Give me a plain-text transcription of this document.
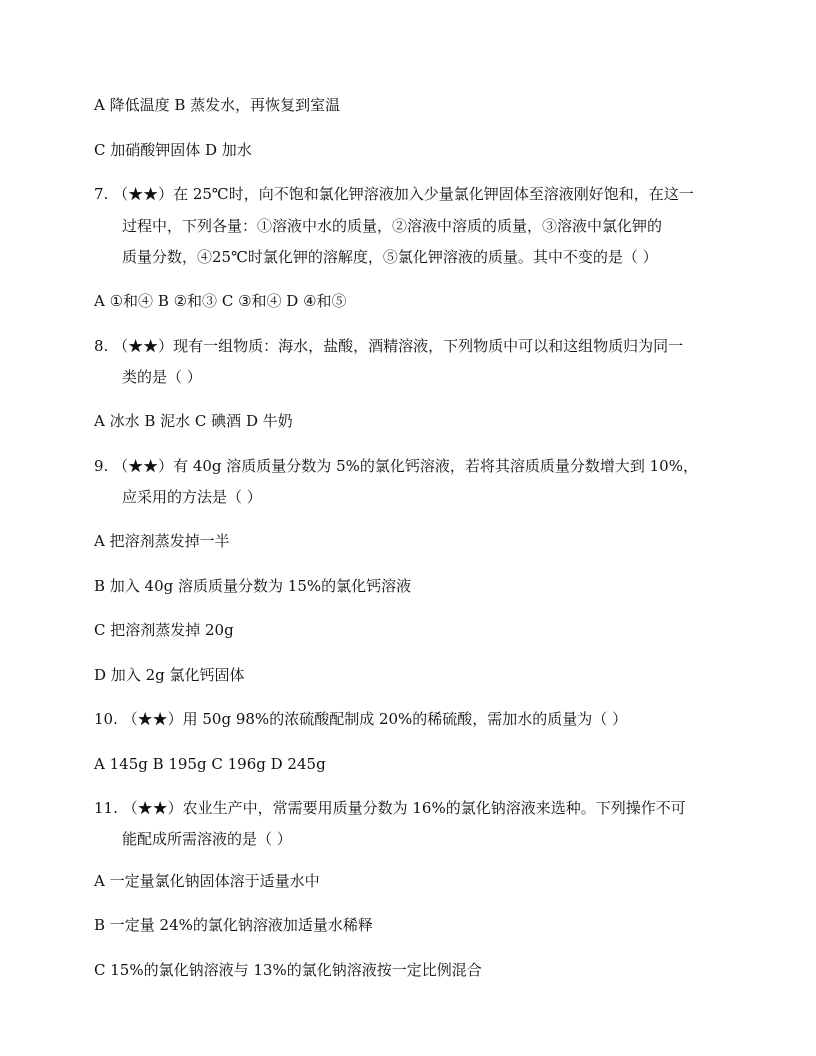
A 降低温度 B 蒸发水，再恢复到室温
C 加硝酸钾固体 D 加水
7. （★★）在 25℃时，向不饱和氯化钾溶液加入少量氯化钾固体至溶液刚好饱和，在这一
过程中，下列各量：①溶液中水的质量，②溶液中溶质的质量，③溶液中氯化钾的
质量分数，④25℃时氯化钾的溶解度，⑤氯化钾溶液的质量。其中不变的是（ ）
A ①和④ B ②和③ C ③和④ D ④和⑤
8. （★★）现有一组物质：海水，盐酸，酒精溶液，下列物质中可以和这组物质归为同一
类的是（ ）
A 冰水 B 泥水 C 碘酒 D 牛奶
9. （★★）有 40g 溶质质量分数为 5%的氯化钙溶液，若将其溶质质量分数增大到 10%，
应采用的方法是（ ）
A 把溶剂蒸发掉一半
B 加入 40g 溶质质量分数为 15%的氯化钙溶液
C 把溶剂蒸发掉 20g
D 加入 2g 氯化钙固体
10. （★★）用 50g 98%的浓硫酸配制成 20%的稀硫酸，需加水的质量为（ ）
A 145g B 195g C 196g D 245g
11. （★★）农业生产中，常需要用质量分数为 16%的氯化钠溶液来选种。下列操作不可
能配成所需溶液的是（ ）
A 一定量氯化钠固体溶于适量水中
B 一定量 24%的氯化钠溶液加适量水稀释
C 15%的氯化钠溶液与 13%的氯化钠溶液按一定比例混合
